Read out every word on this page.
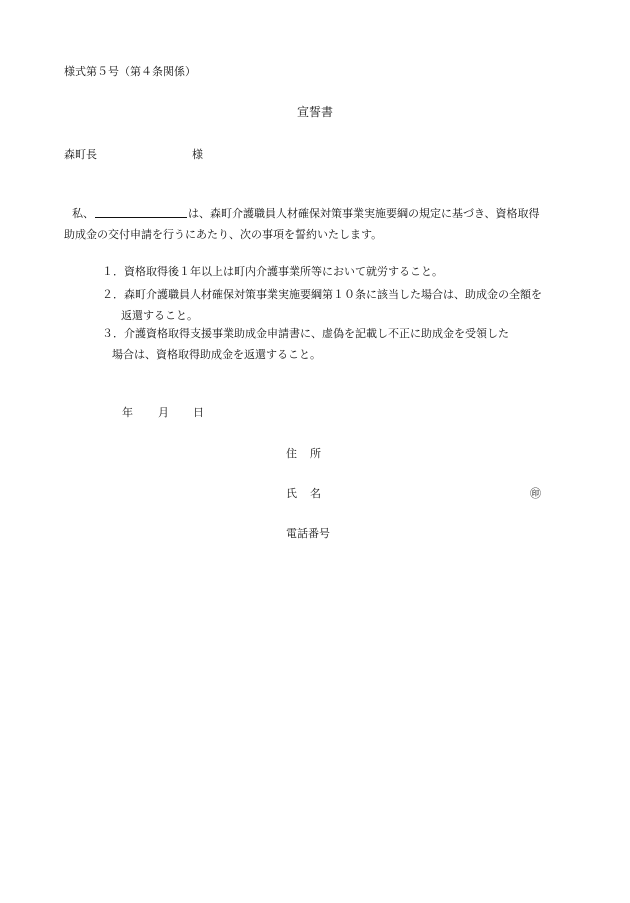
様式第５号（第４条関係）
宣誓書
森町長	様
私、	は、森町介護職員人材確保対策事業実施要綱の規定に基づき、資格取得
助成金の交付申請を行うにあたり、次の事項を誓約いたします。
１．資格取得後１年以上は町内介護事業所等において就労すること。
２．森町介護職員人材確保対策事業実施要綱第１０条に該当した場合は、助成金の全額を
返還すること。
３．介護資格取得支援事業助成金申請書に、虚偽を記載し不正に助成金を受領した
場合は、資格取得助成金を返還すること。
年 月 日
住所
氏名	㊞
電話番号
